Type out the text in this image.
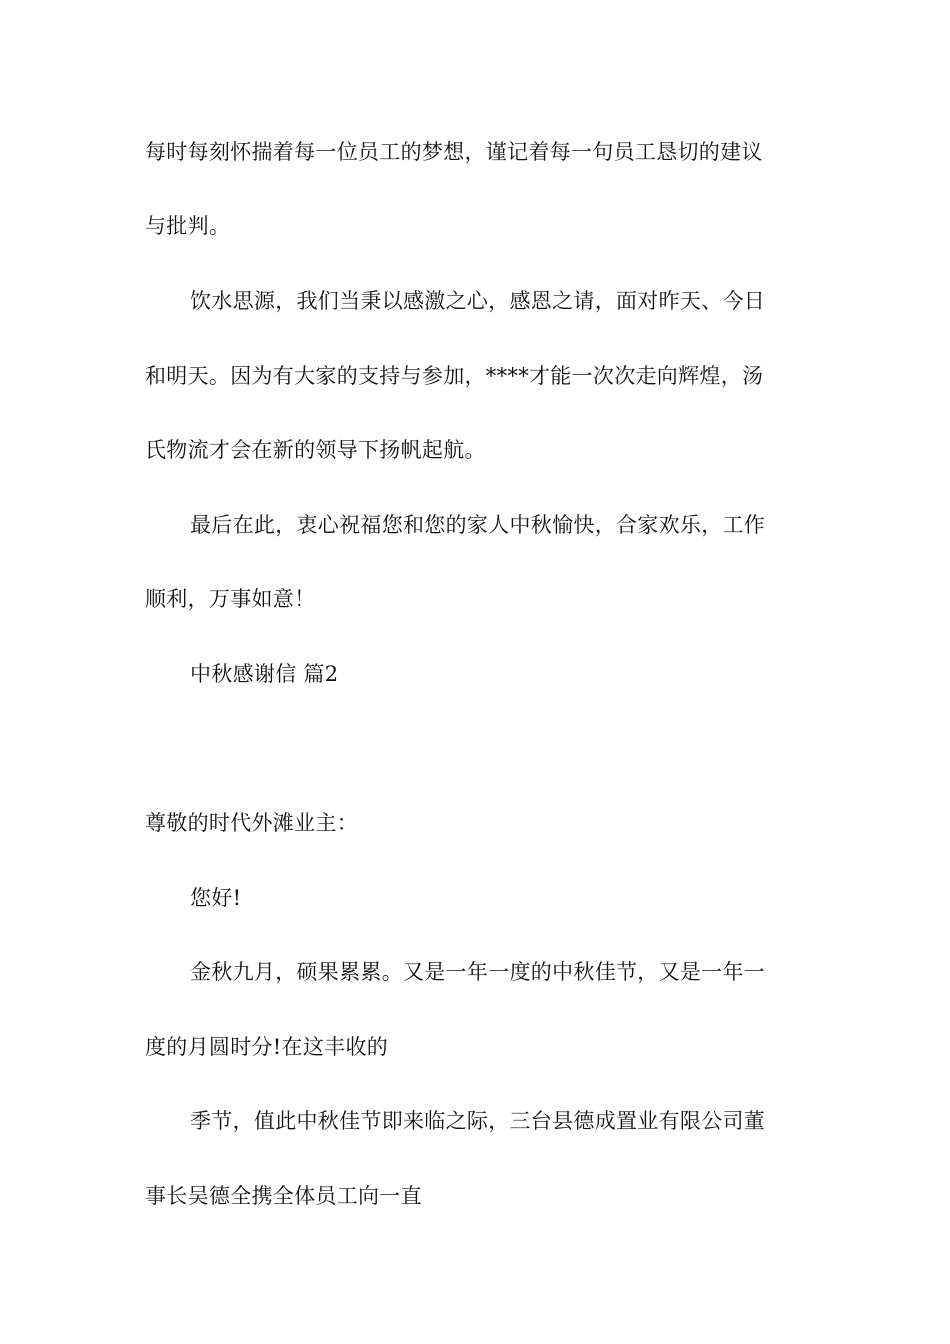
每时每刻怀揣着每一位员工的梦想，谨记着每一句员工恳切的建议
与批判。
饮水思源，我们当秉以感激之心，感恩之请，面对昨天、今日
和明天。因为有大家的支持与参加，****才能一次次走向辉煌，汤
氏物流才会在新的领导下扬帆起航。
最后在此，衷心祝福您和您的家人中秋愉快，合家欢乐，工作
顺利，万事如意！
中秋感谢信 篇2
尊敬的时代外滩业主：
您好!
金秋九月，硕果累累。又是一年一度的中秋佳节，又是一年一
度的月圆时分!在这丰收的
季节，值此中秋佳节即来临之际，三台县德成置业有限公司董
事长吴德全携全体员工向一直
